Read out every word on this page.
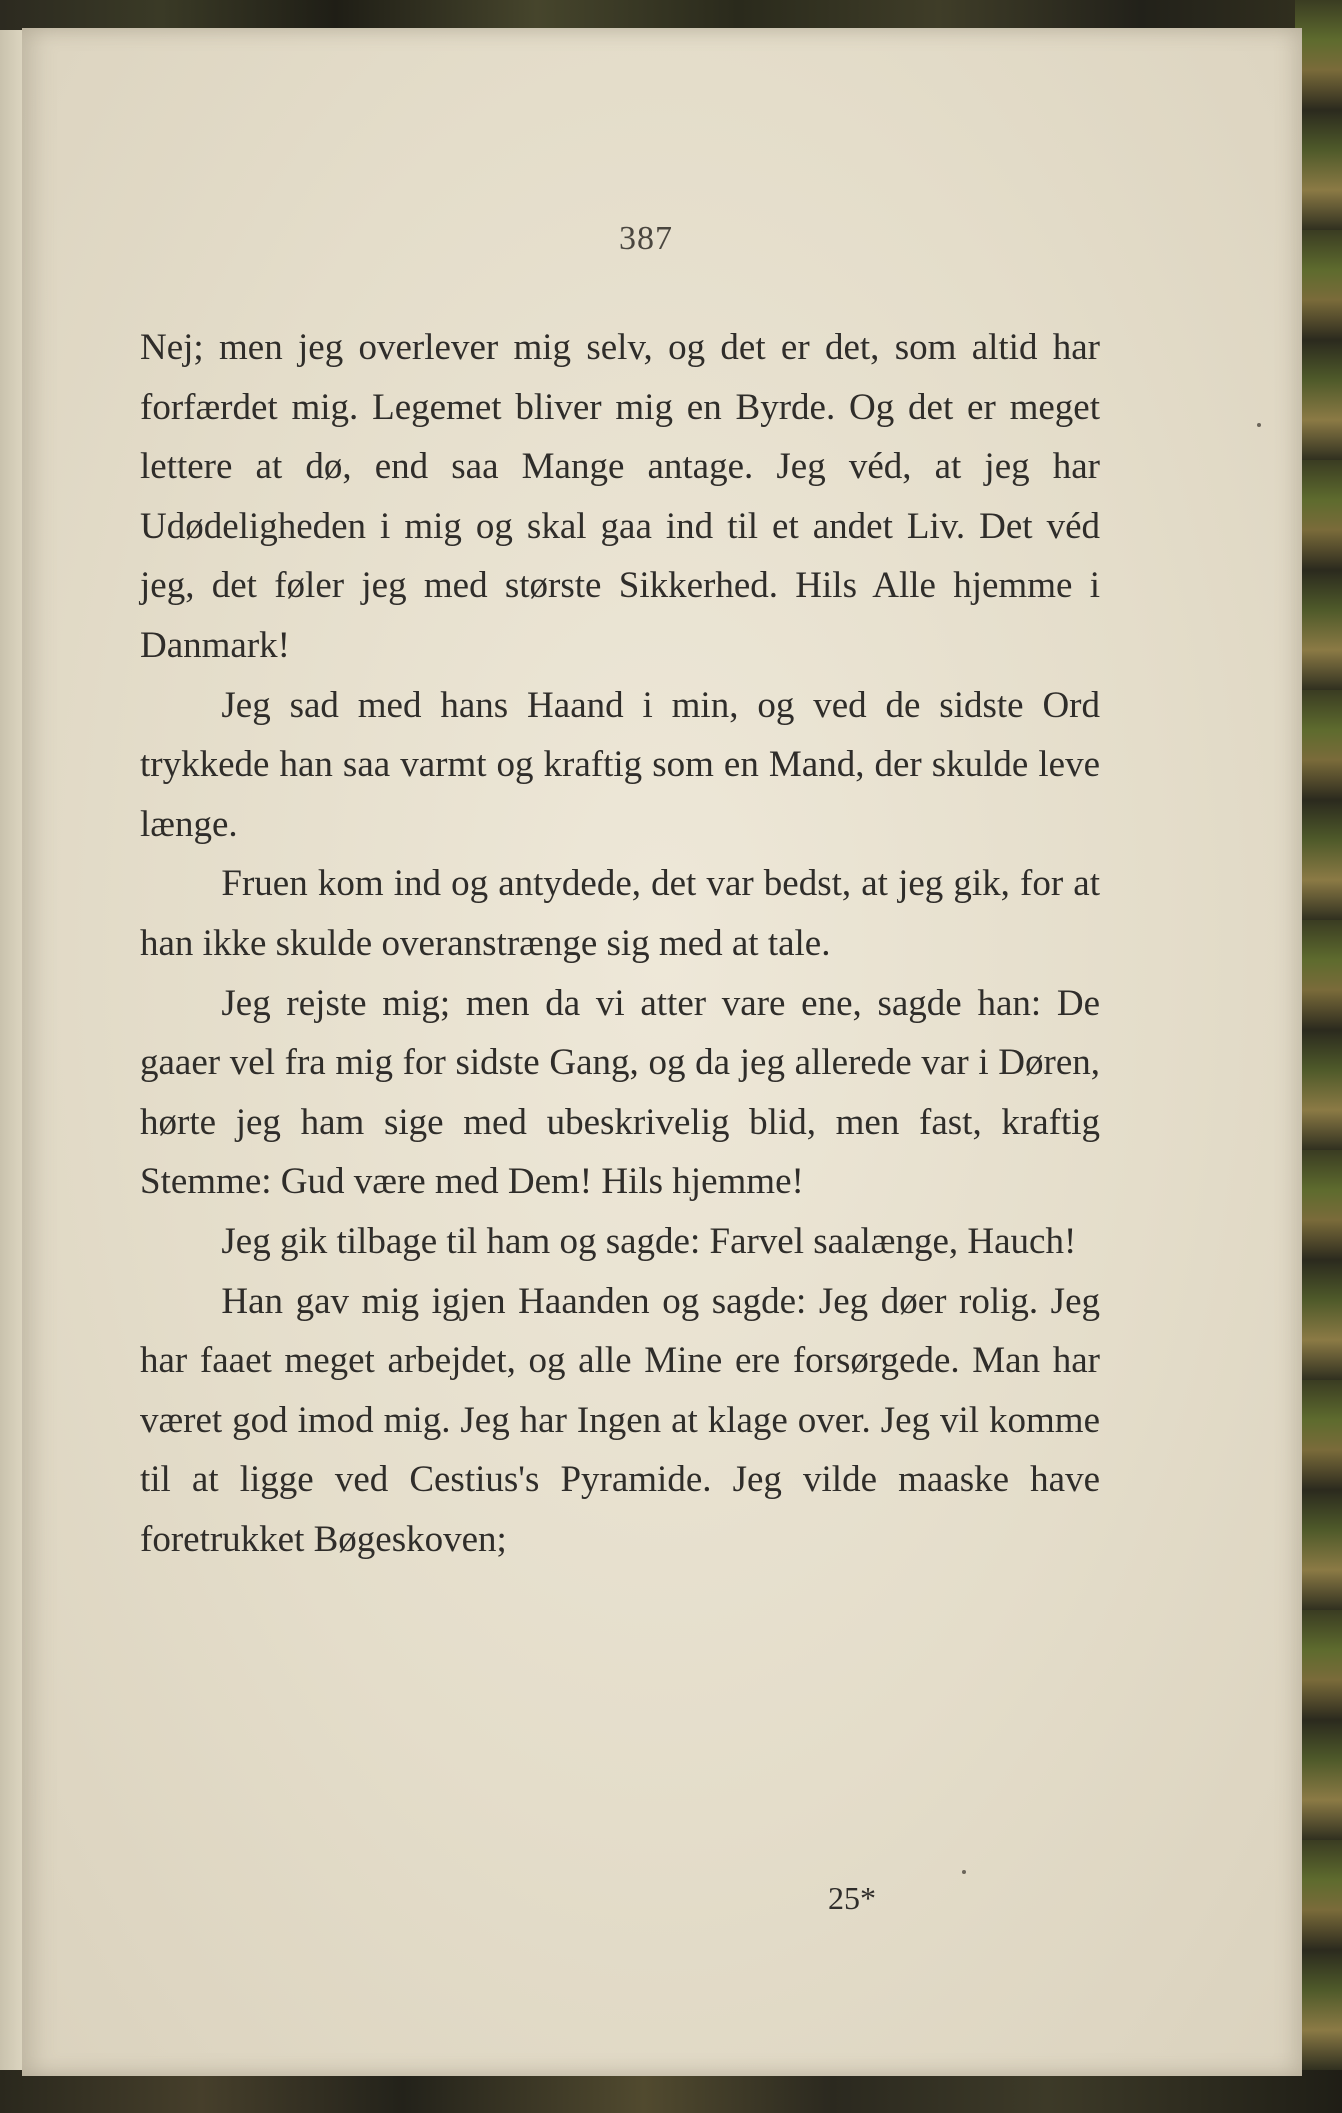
387

Nej; men jeg overlever mig selv, og det er det, som altid har forfærdet mig. Legemet bliver mig en Byrde. Og det er meget lettere at dø, end saa Mange antage. Jeg véd, at jeg har Udødeligheden i mig og skal gaa ind til et andet Liv. Det véd jeg, det føler jeg med største Sikkerhed. Hils Alle hjemme i Danmark!

Jeg sad med hans Haand i min, og ved de sidste Ord trykkede han saa varmt og kraftig som en Mand, der skulde leve længe.

Fruen kom ind og antydede, det var bedst, at jeg gik, for at han ikke skulde overanstrænge sig med at tale.

Jeg rejste mig; men da vi atter vare ene, sagde han: De gaaer vel fra mig for sidste Gang, og da jeg allerede var i Døren, hørte jeg ham sige med ubeskrivelig blid, men fast, kraftig Stemme: Gud være med Dem! Hils hjemme!

Jeg gik tilbage til ham og sagde: Farvel saalænge, Hauch!

Han gav mig igjen Haanden og sagde: Jeg døer rolig. Jeg har faaet meget arbejdet, og alle Mine ere forsørgede. Man har været god imod mig. Jeg har Ingen at klage over. Jeg vil komme til at ligge ved Cestius's Pyramide. Jeg vilde maaske have foretrukket Bøgeskoven;

25*
